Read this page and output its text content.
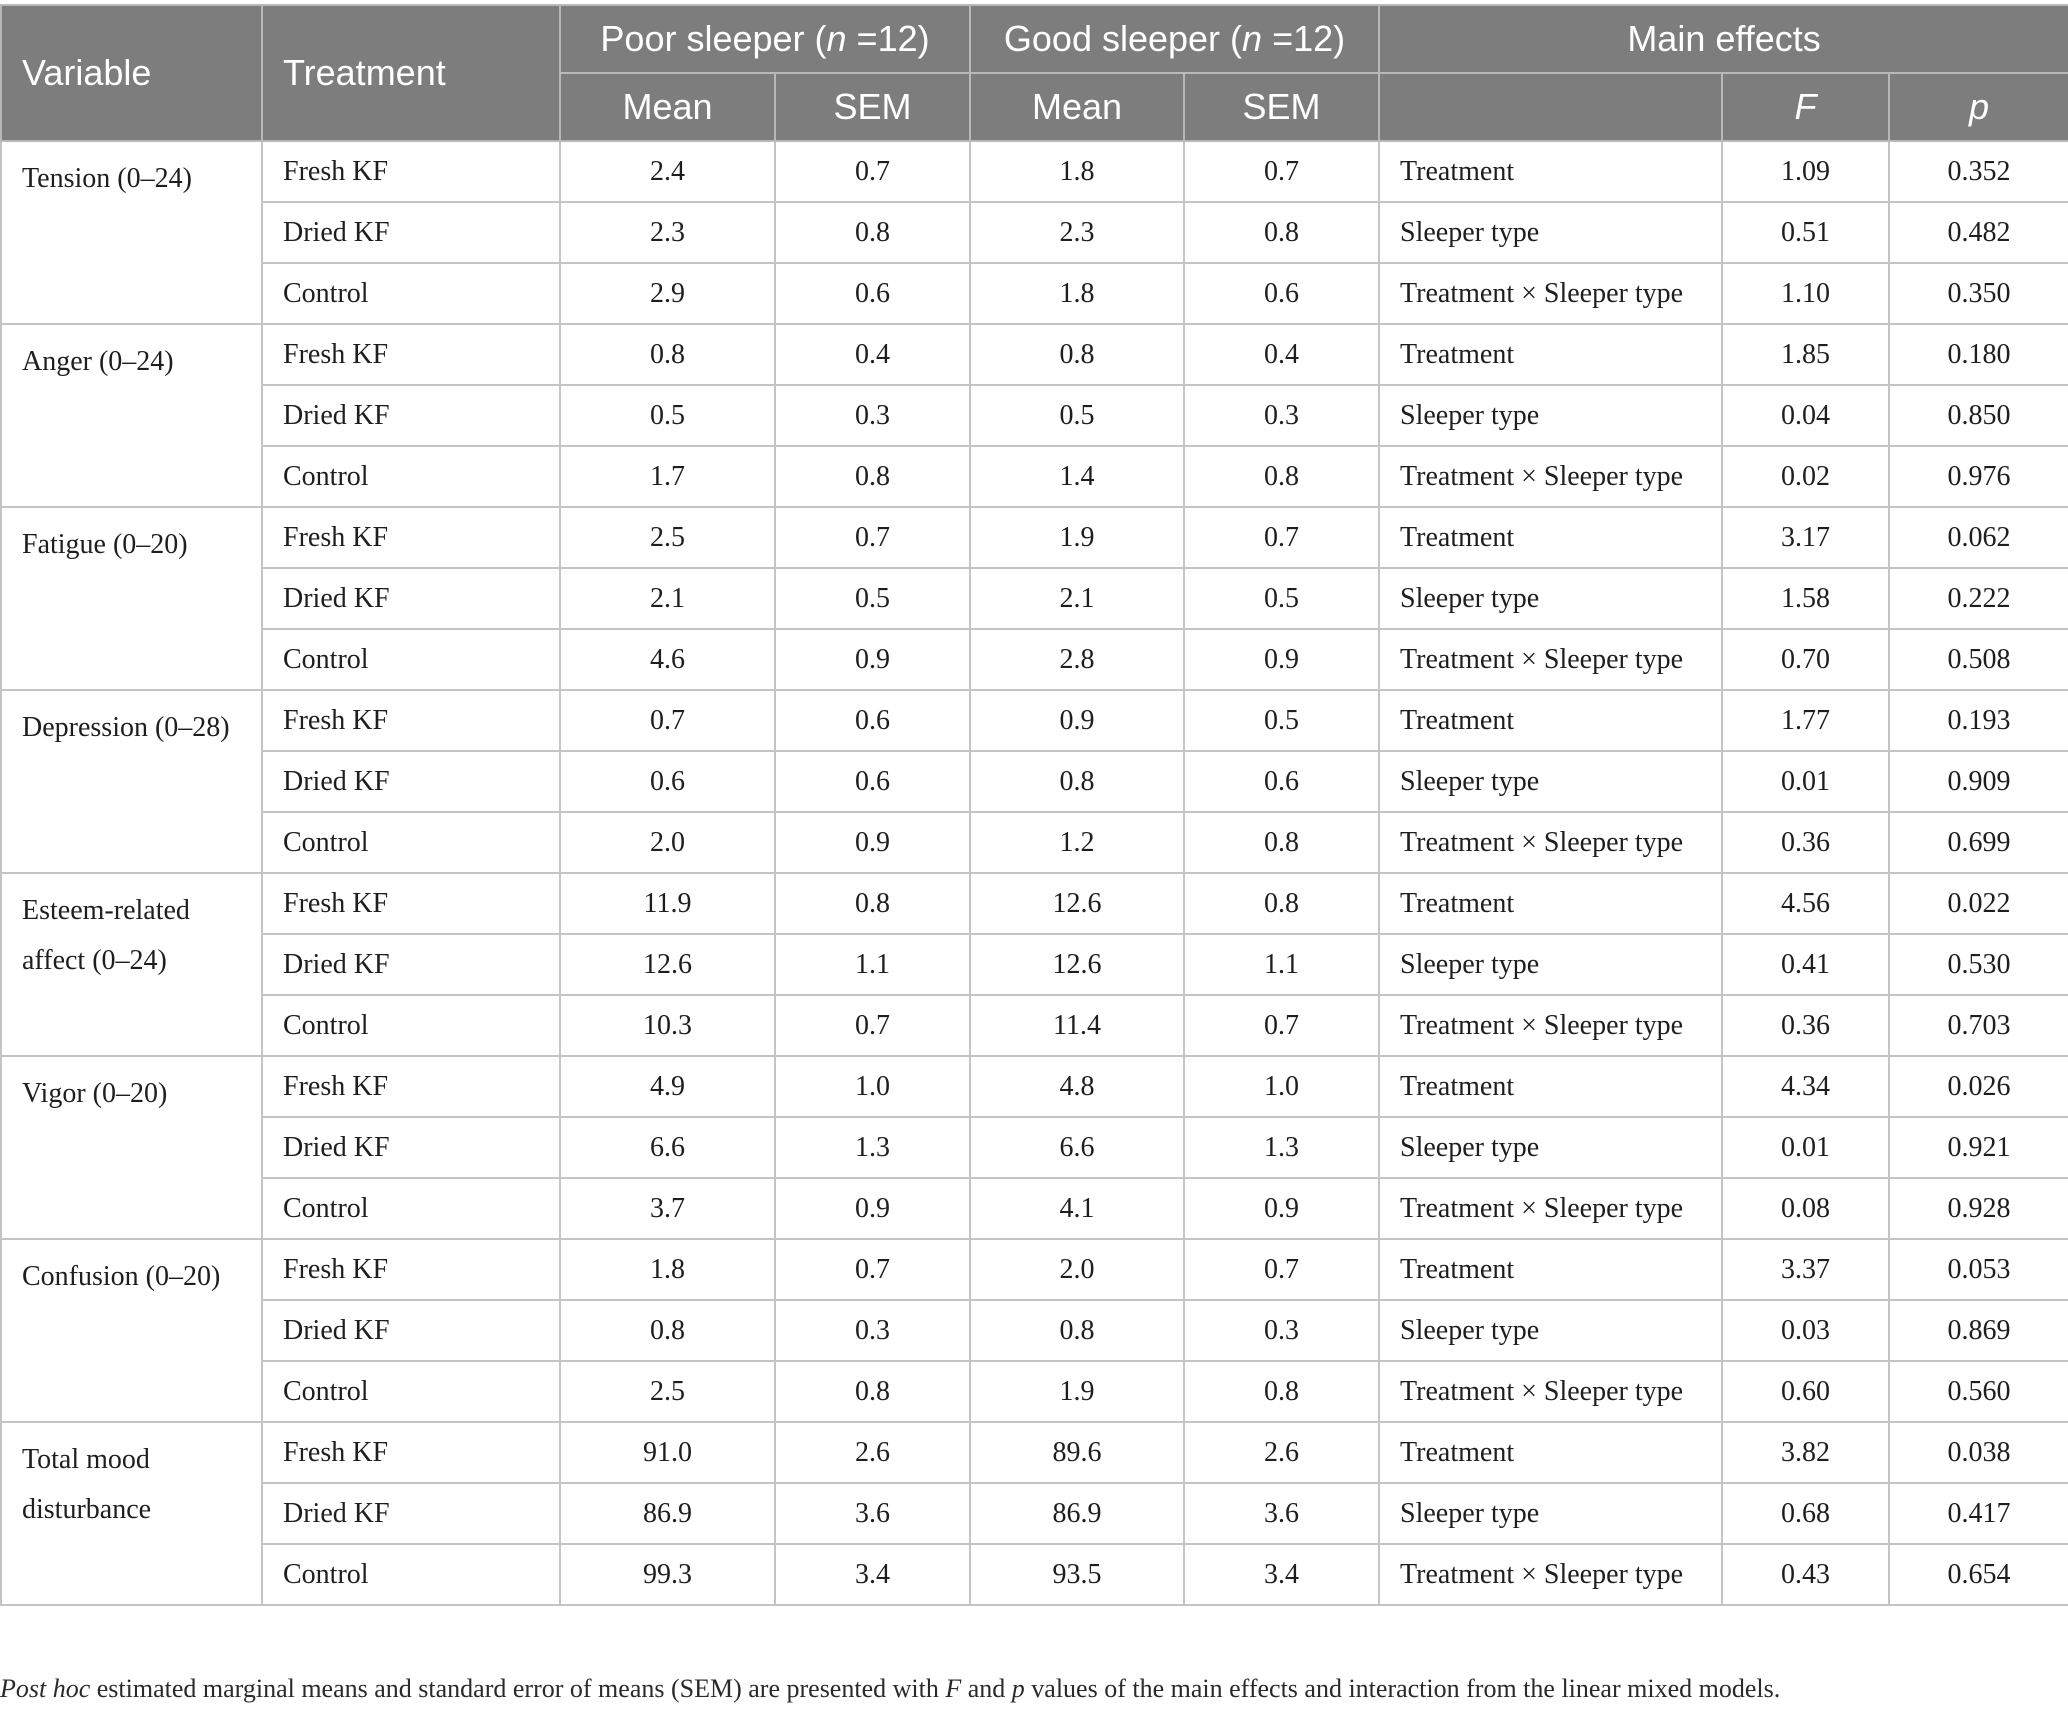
Variable	Treatment	Poor sleeper (n =12)		Good sleeper (n =12)		Main effects		
		Mean	SEM	Mean	SEM		F	p

Tension (0–24)	Fresh KF	2.4	0.7	1.8	0.7	Treatment	1.09	0.352
	Dried KF	2.3	0.8	2.3	0.8	Sleeper type	0.51	0.482
	Control	2.9	0.6	1.8	0.6	Treatment × Sleeper type	1.10	0.350

Anger (0–24)	Fresh KF	0.8	0.4	0.8	0.4	Treatment	1.85	0.180
	Dried KF	0.5	0.3	0.5	0.3	Sleeper type	0.04	0.850
	Control	1.7	0.8	1.4	0.8	Treatment × Sleeper type	0.02	0.976

Fatigue (0–20)	Fresh KF	2.5	0.7	1.9	0.7	Treatment	3.17	0.062
	Dried KF	2.1	0.5	2.1	0.5	Sleeper type	1.58	0.222
	Control	4.6	0.9	2.8	0.9	Treatment × Sleeper type	0.70	0.508

Depression (0–28)	Fresh KF	0.7	0.6	0.9	0.5	Treatment	1.77	0.193
	Dried KF	0.6	0.6	0.8	0.6	Sleeper type	0.01	0.909
	Control	2.0	0.9	1.2	0.8	Treatment × Sleeper type	0.36	0.699

Esteem-related
affect (0–24)	Fresh KF	11.9	0.8	12.6	0.8	Treatment	4.56	0.022
	Dried KF	12.6	1.1	12.6	1.1	Sleeper type	0.41	0.530
	Control	10.3	0.7	11.4	0.7	Treatment × Sleeper type	0.36	0.703

Vigor (0–20)	Fresh KF	4.9	1.0	4.8	1.0	Treatment	4.34	0.026
	Dried KF	6.6	1.3	6.6	1.3	Sleeper type	0.01	0.921
	Control	3.7	0.9	4.1	0.9	Treatment × Sleeper type	0.08	0.928

Confusion (0–20)	Fresh KF	1.8	0.7	2.0	0.7	Treatment	3.37	0.053
	Dried KF	0.8	0.3	0.8	0.3	Sleeper type	0.03	0.869
	Control	2.5	0.8	1.9	0.8	Treatment × Sleeper type	0.60	0.560

Total mood
disturbance	Fresh KF	91.0	2.6	89.6	2.6	Treatment	3.82	0.038
	Dried KF	86.9	3.6	86.9	3.6	Sleeper type	0.68	0.417
	Control	99.3	3.4	93.5	3.4	Treatment × Sleeper type	0.43	0.654
Post hoc estimated marginal means and standard error of means (SEM) are presented with F and p values of the main effects and interaction from the linear mixed models.
